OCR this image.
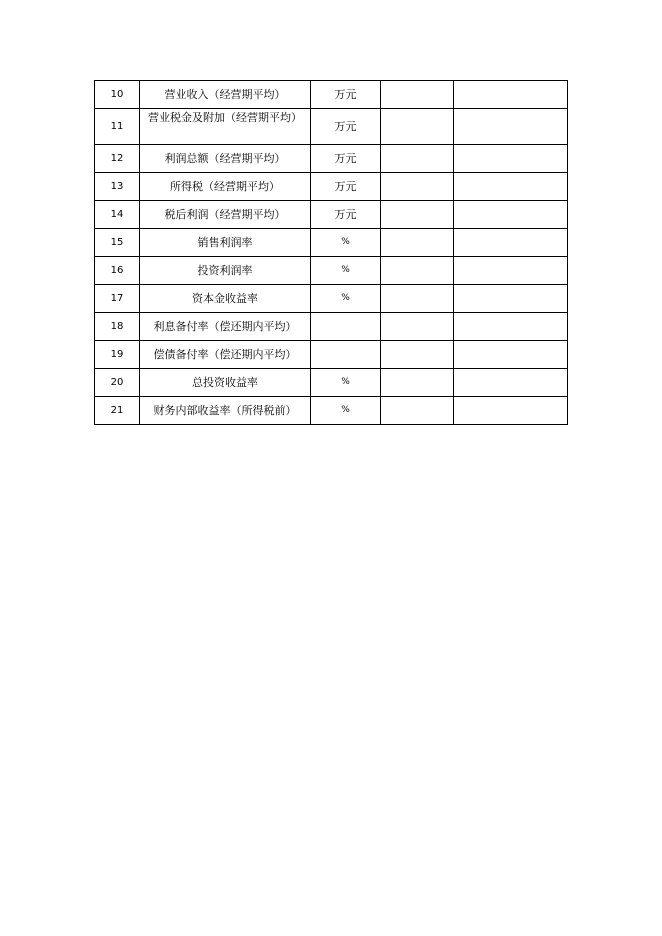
10	营业收入（经营期平均）	万元		
11	营业税金及附加（经营期平均）	万元		
12	利润总额（经营期平均）	万元		
13	所得税（经营期平均）	万元		
14	税后利润（经营期平均）	万元		
15	销售利润率	%		
16	投资利润率	%		
17	资本金收益率	%		
18	利息备付率（偿还期内平均）			
19	偿债备付率（偿还期内平均）			
20	总投资收益率	%		
21	财务内部收益率（所得税前）	%		
